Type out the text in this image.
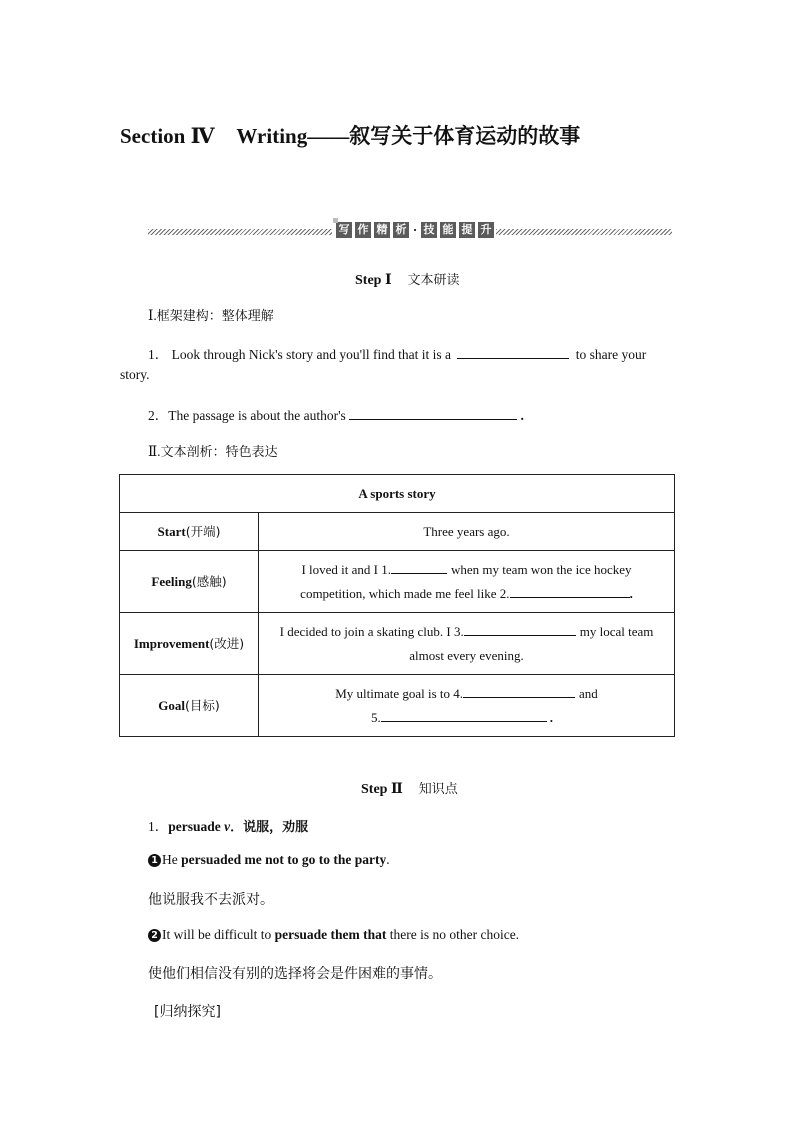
Section Ⅳ Writing——叙写关于体育运动的故事
写 作 精 析 · 技 能 提 升
Step Ⅰ 文本研读
Ⅰ.框架建构：整体理解
1． Look through Nick's story and you'll find that it is a	to share your
story.
2．The passage is about the author's	.
Ⅱ.文本剖析：特色表达
A sports story	
Start(开端)	Three years ago.
Feeling(感触)	I loved it and I 1. when my team won the ice hockey
competition, which made me feel like 2. .

Improvement(改进)	I decided to join a skating club. I 3. my local team
almost every evening.

Goal(目标)	My ultimate goal is to 4. and
5. .
Step Ⅱ 知识点
1．persuade v．说服，劝服
1 He persuaded me not to go to the party.
他说服我不去派对。
2 It will be difficult to persuade them that there is no other choice.
使他们相信没有别的选择将会是件困难的事情。
[归纳探究]
